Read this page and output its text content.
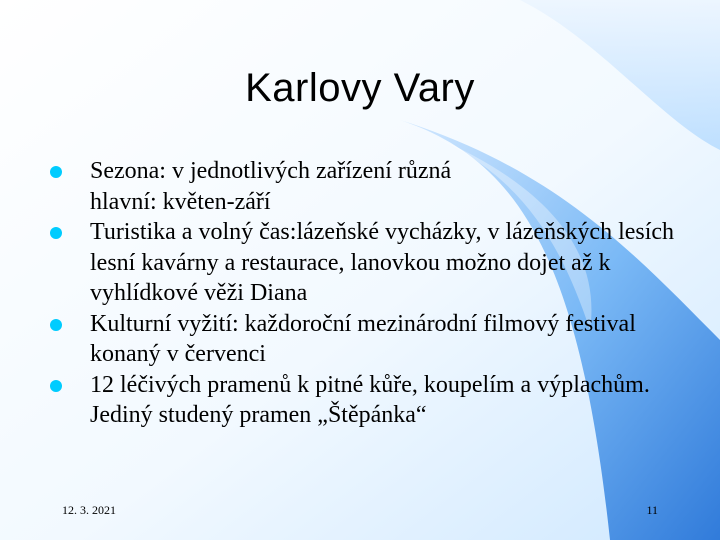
Karlovy Vary
Sezona: v jednotlivých zařízení různá
hlavní: květen-září
Turistika a volný čas:lázeňské vycházky, v lázeňských lesích lesní kavárny a restaurace, lanovkou možno dojet až k vyhlídkové věži Diana
Kulturní vyžití: každoroční mezinárodní filmový festival konaný v červenci
12 léčivých pramenů k pitné kůře, koupelím a výplachům. Jediný studený pramen „Štěpánka“
12. 3. 2021	11
